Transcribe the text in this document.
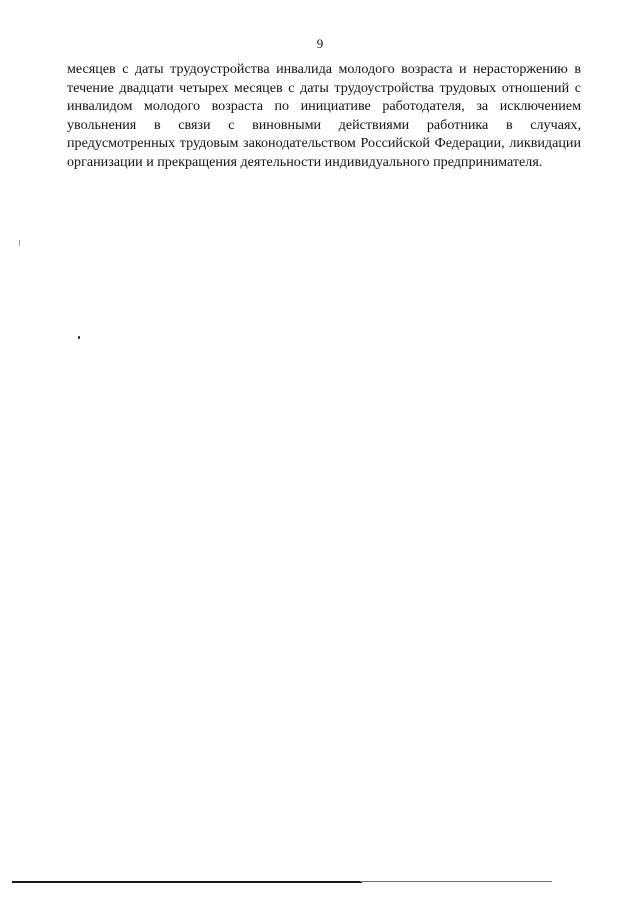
9

месяцев с даты трудоустройства инвалида молодого возраста и нерасторжению в
течение двадцати четырех месяцев с даты трудоустройства трудовых отношений с
инвалидом молодого возраста по инициативе работодателя, за исключением
увольнения в связи с виновными действиями работника в случаях,
предусмотренных трудовым законодательством Российской Федерации, ликвидации
организации и прекращения деятельности индивидуального предпринимателя.
